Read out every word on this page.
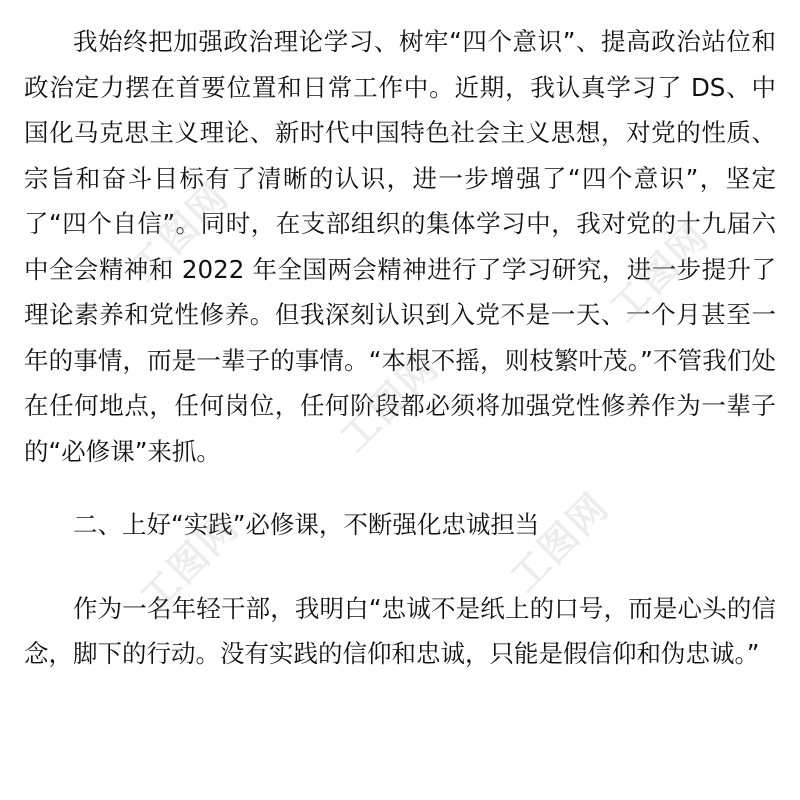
我始终把加强政治理论学习、树牢“四个意识”、提高政治站位和政治定力摆在首要位置和日常工作中。近期，我认真学习了 DS、中国化马克思主义理论、新时代中国特色社会主义思想，对党的性质、宗旨和奋斗目标有了清晰的认识，进一步增强了“四个意识”，坚定了“四个自信”。同时，在支部组织的集体学习中，我对党的十九届六中全会精神和 2022 年全国两会精神进行了学习研究，进一步提升了理论素养和党性修养。但我深刻认识到入党不是一天、一个月甚至一年的事情，而是一辈子的事情。“本根不摇，则枝繁叶茂。”不管我们处在任何地点，任何岗位，任何阶段都必须将加强党性修养作为一辈子的“必修课”来抓。

二、上好“实践”必修课，不断强化忠诚担当

作为一名年轻干部，我明白“忠诚不是纸上的口号，而是心头的信念，脚下的行动。没有实践的信仰和忠诚，只能是假信仰和伪忠诚。”

工图网
工图网
工图网	工图网
工图网
